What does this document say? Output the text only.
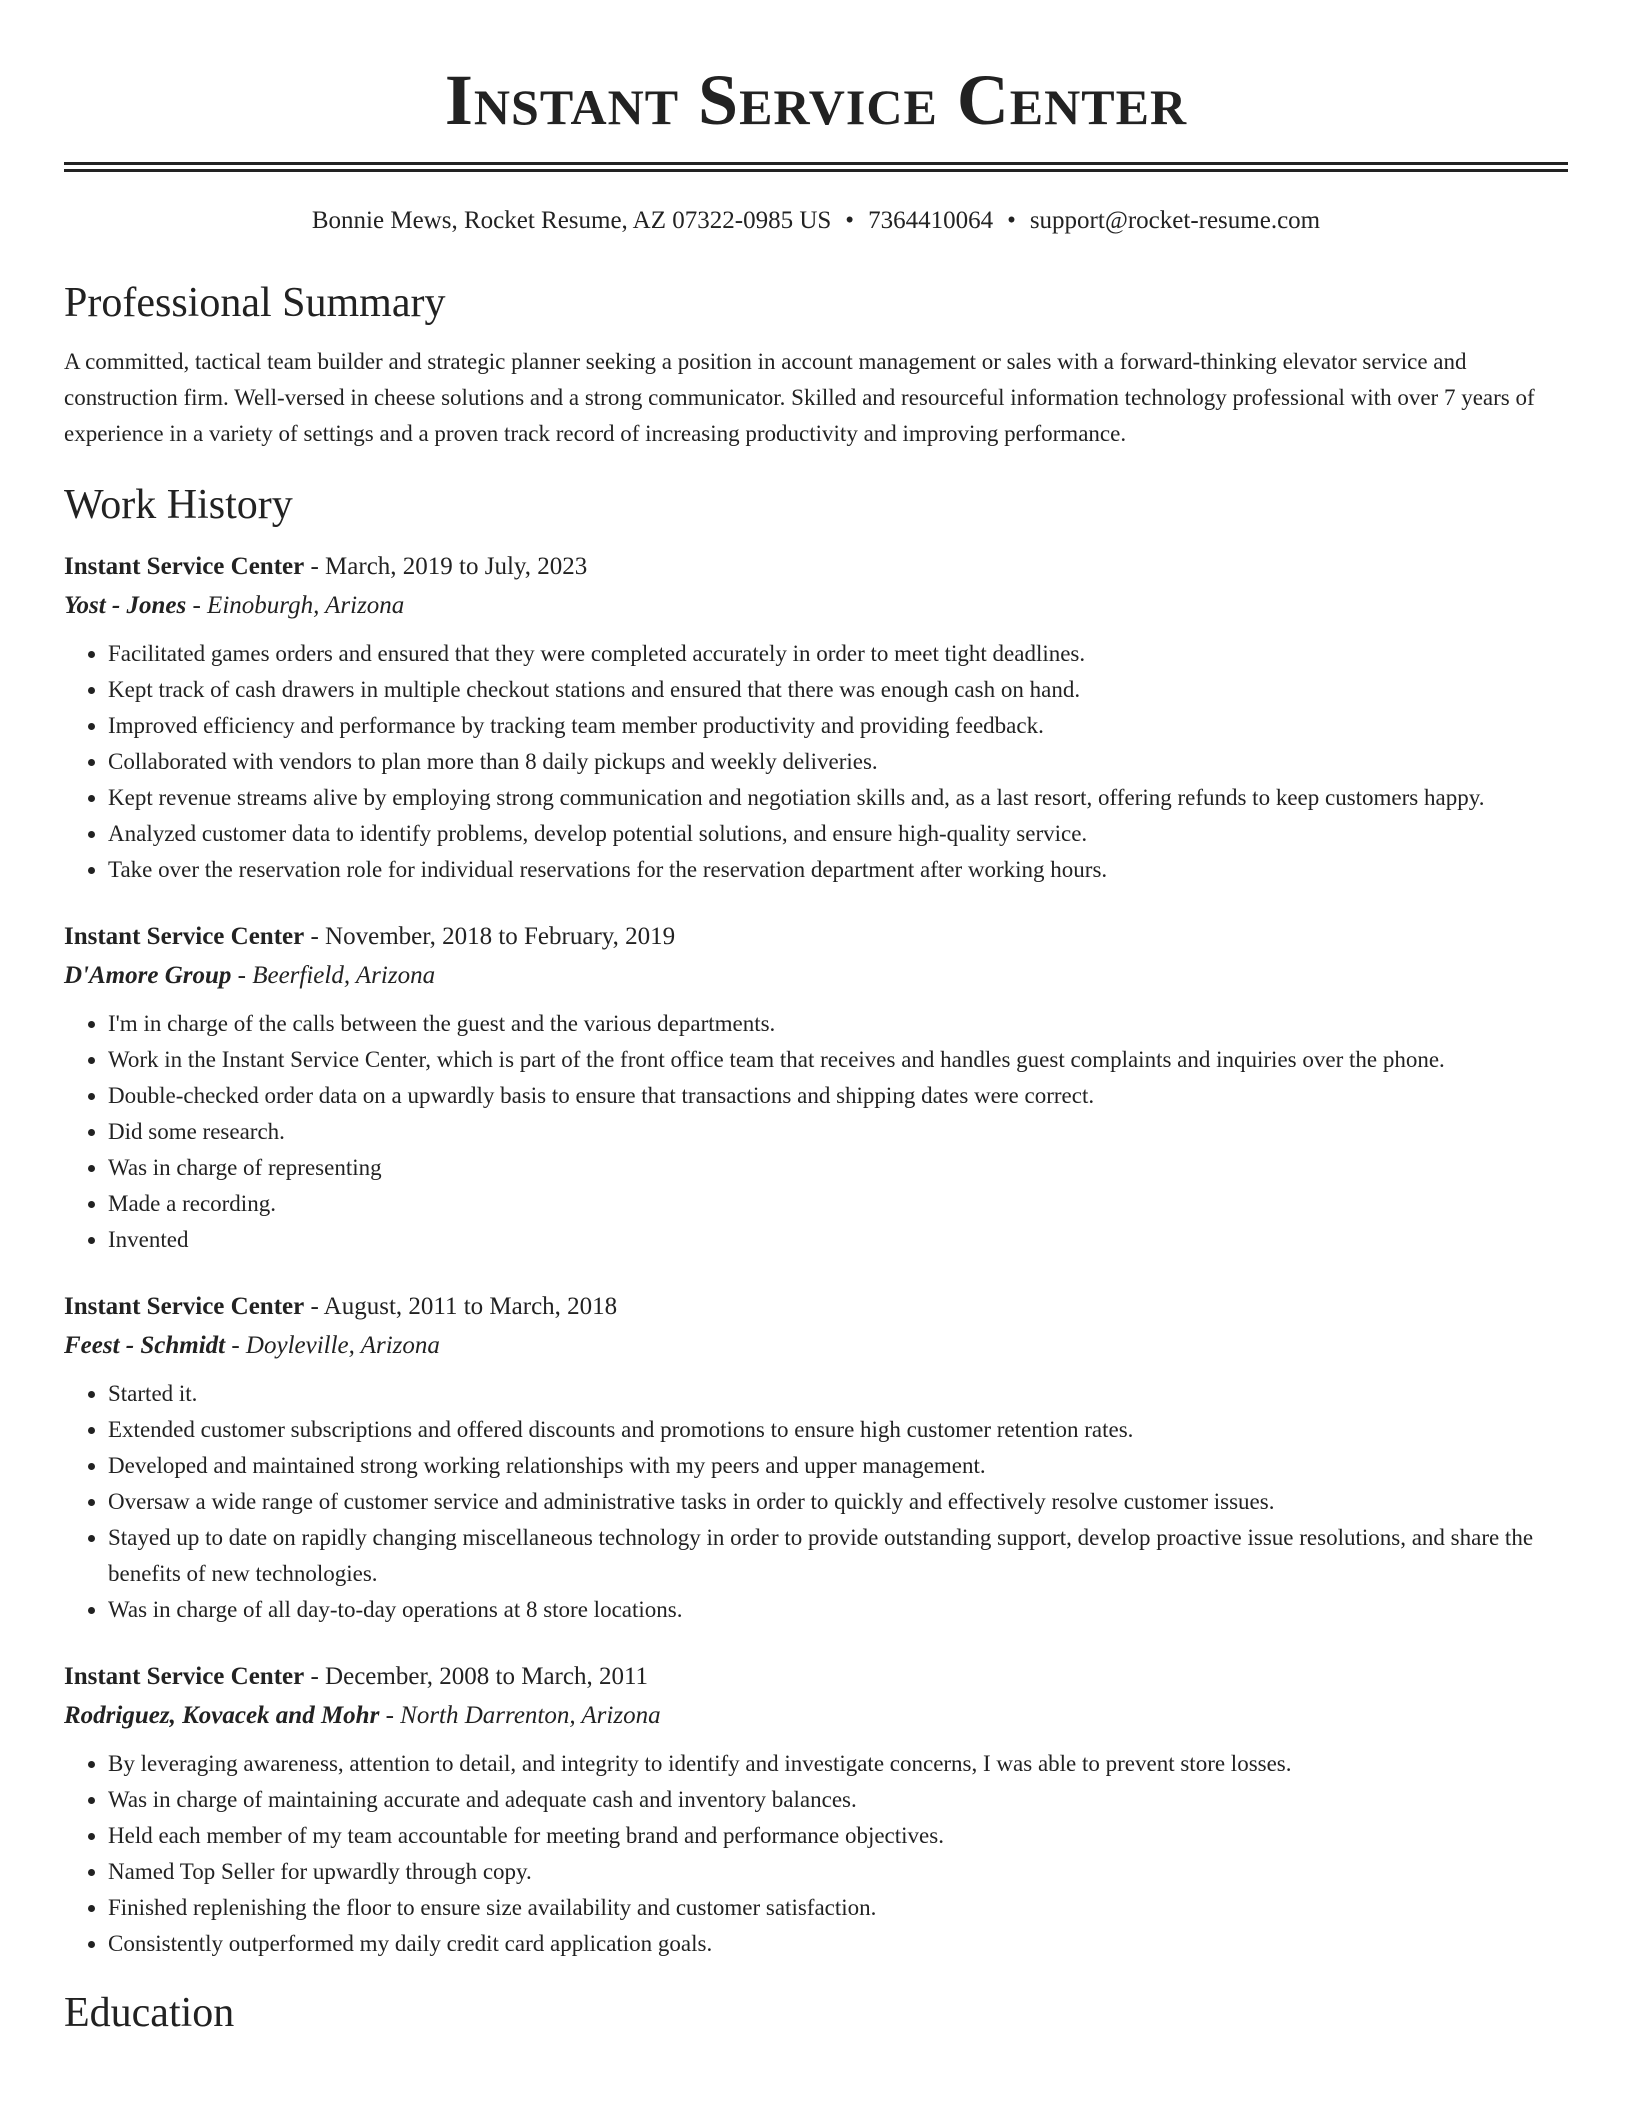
Instant Service Center
Bonnie Mews, Rocket Resume, AZ 07322-0985 US • 7364410064 • support@rocket-resume.com
Professional Summary

A committed, tactical team builder and strategic planner seeking a position in account management or sales with a forward-thinking elevator service and construction firm. Well-versed in cheese solutions and a strong communicator. Skilled and resourceful information technology professional with over 7 years of experience in a variety of settings and a proven track record of increasing productivity and improving performance.

Work History
Instant Service Center - March, 2019 to July, 2023
Yost - Jones - Einoburgh, Arizona
• Facilitated games orders and ensured that they were completed accurately in order to meet tight deadlines.
• Kept track of cash drawers in multiple checkout stations and ensured that there was enough cash on hand.
• Improved efficiency and performance by tracking team member productivity and providing feedback.
• Collaborated with vendors to plan more than 8 daily pickups and weekly deliveries.
• Kept revenue streams alive by employing strong communication and negotiation skills and, as a last resort, offering refunds to keep customers happy.
• Analyzed customer data to identify problems, develop potential solutions, and ensure high-quality service.
• Take over the reservation role for individual reservations for the reservation department after working hours.
Instant Service Center - November, 2018 to February, 2019
D'Amore Group - Beerfield, Arizona
• I'm in charge of the calls between the guest and the various departments.
• Work in the Instant Service Center, which is part of the front office team that receives and handles guest complaints and inquiries over the phone.
• Double-checked order data on a upwardly basis to ensure that transactions and shipping dates were correct.
• Did some research.
• Was in charge of representing
• Made a recording.
• Invented
Instant Service Center - August, 2011 to March, 2018
Feest - Schmidt - Doyleville, Arizona
• Started it.
• Extended customer subscriptions and offered discounts and promotions to ensure high customer retention rates.
• Developed and maintained strong working relationships with my peers and upper management.
• Oversaw a wide range of customer service and administrative tasks in order to quickly and effectively resolve customer issues.
• Stayed up to date on rapidly changing miscellaneous technology in order to provide outstanding support, develop proactive issue resolutions, and share the benefits of new technologies.
• Was in charge of all day-to-day operations at 8 store locations.
Instant Service Center - December, 2008 to March, 2011
Rodriguez, Kovacek and Mohr - North Darrenton, Arizona
• By leveraging awareness, attention to detail, and integrity to identify and investigate concerns, I was able to prevent store losses.
• Was in charge of maintaining accurate and adequate cash and inventory balances.
• Held each member of my team accountable for meeting brand and performance objectives.
• Named Top Seller for upwardly through copy.
• Finished replenishing the floor to ensure size availability and customer satisfaction.
• Consistently outperformed my daily credit card application goals.
Education
